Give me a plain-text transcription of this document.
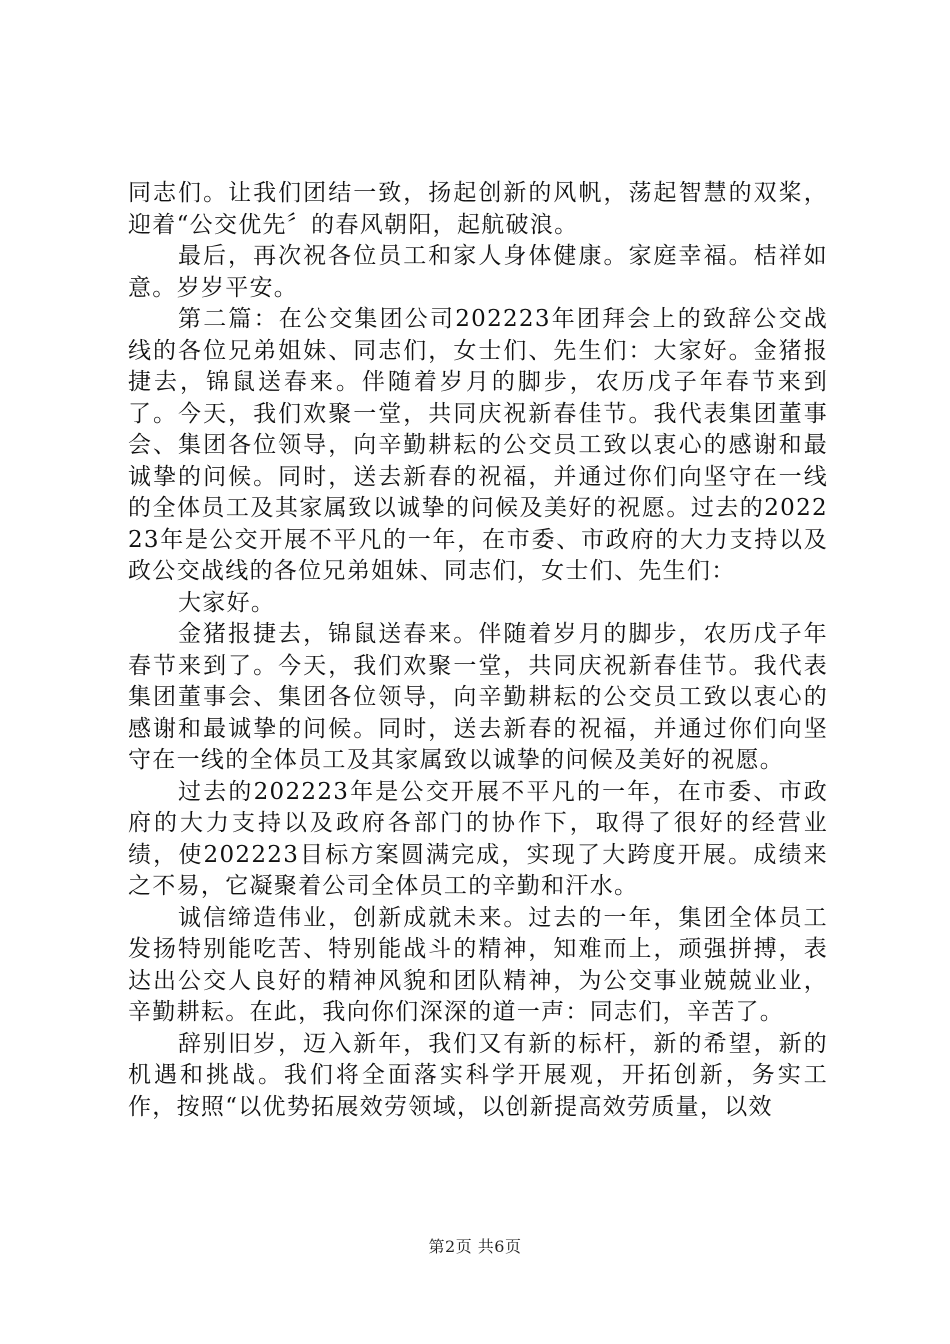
同志们。让我们团结一致，扬起创新的风帆，荡起智慧的双桨，迎着“公交优先〞的春风朝阳，起航破浪。

最后，再次祝各位员工和家人身体健康。家庭幸福。桔祥如意。岁岁平安。

第二篇：在公交集团公司202223年团拜会上的致辞公交战线的各位兄弟姐妹、同志们，女士们、先生们：大家好。金猪报捷去，锦鼠送春来。伴随着岁月的脚步，农历戊子年春节来到了。今天，我们欢聚一堂，共同庆祝新春佳节。我代表集团董事会、集团各位领导，向辛勤耕耘的公交员工致以衷心的感谢和最诚挚的问候。同时，送去新春的祝福，并通过你们向坚守在一线的全体员工及其家属致以诚挚的问候及美好的祝愿。过去的202223年是公交开展不平凡的一年，在市委、市政府的大力支持以及政公交战线的各位兄弟姐妹、同志们，女士们、先生们：

大家好。

金猪报捷去，锦鼠送春来。伴随着岁月的脚步，农历戊子年春节来到了。今天，我们欢聚一堂，共同庆祝新春佳节。我代表集团董事会、集团各位领导，向辛勤耕耘的公交员工致以衷心的感谢和最诚挚的问候。同时，送去新春的祝福，并通过你们向坚守在一线的全体员工及其家属致以诚挚的问候及美好的祝愿。

过去的202223年是公交开展不平凡的一年，在市委、市政府的大力支持以及政府各部门的协作下，取得了很好的经营业绩，使202223目标方案圆满完成，实现了大跨度开展。成绩来之不易，它凝聚着公司全体员工的辛勤和汗水。

诚信缔造伟业，创新成就未来。过去的一年，集团全体员工发扬特别能吃苦、特别能战斗的精神，知难而上，顽强拼搏，表达出公交人良好的精神风貌和团队精神，为公交事业兢兢业业，辛勤耕耘。在此，我向你们深深的道一声：同志们，辛苦了。

辞别旧岁，迈入新年，我们又有新的标杆，新的希望，新的机遇和挑战。我们将全面落实科学开展观，开拓创新，务实工作，按照“以优势拓展效劳领域，以创新提高效劳质量，以效

第2页 共6页
